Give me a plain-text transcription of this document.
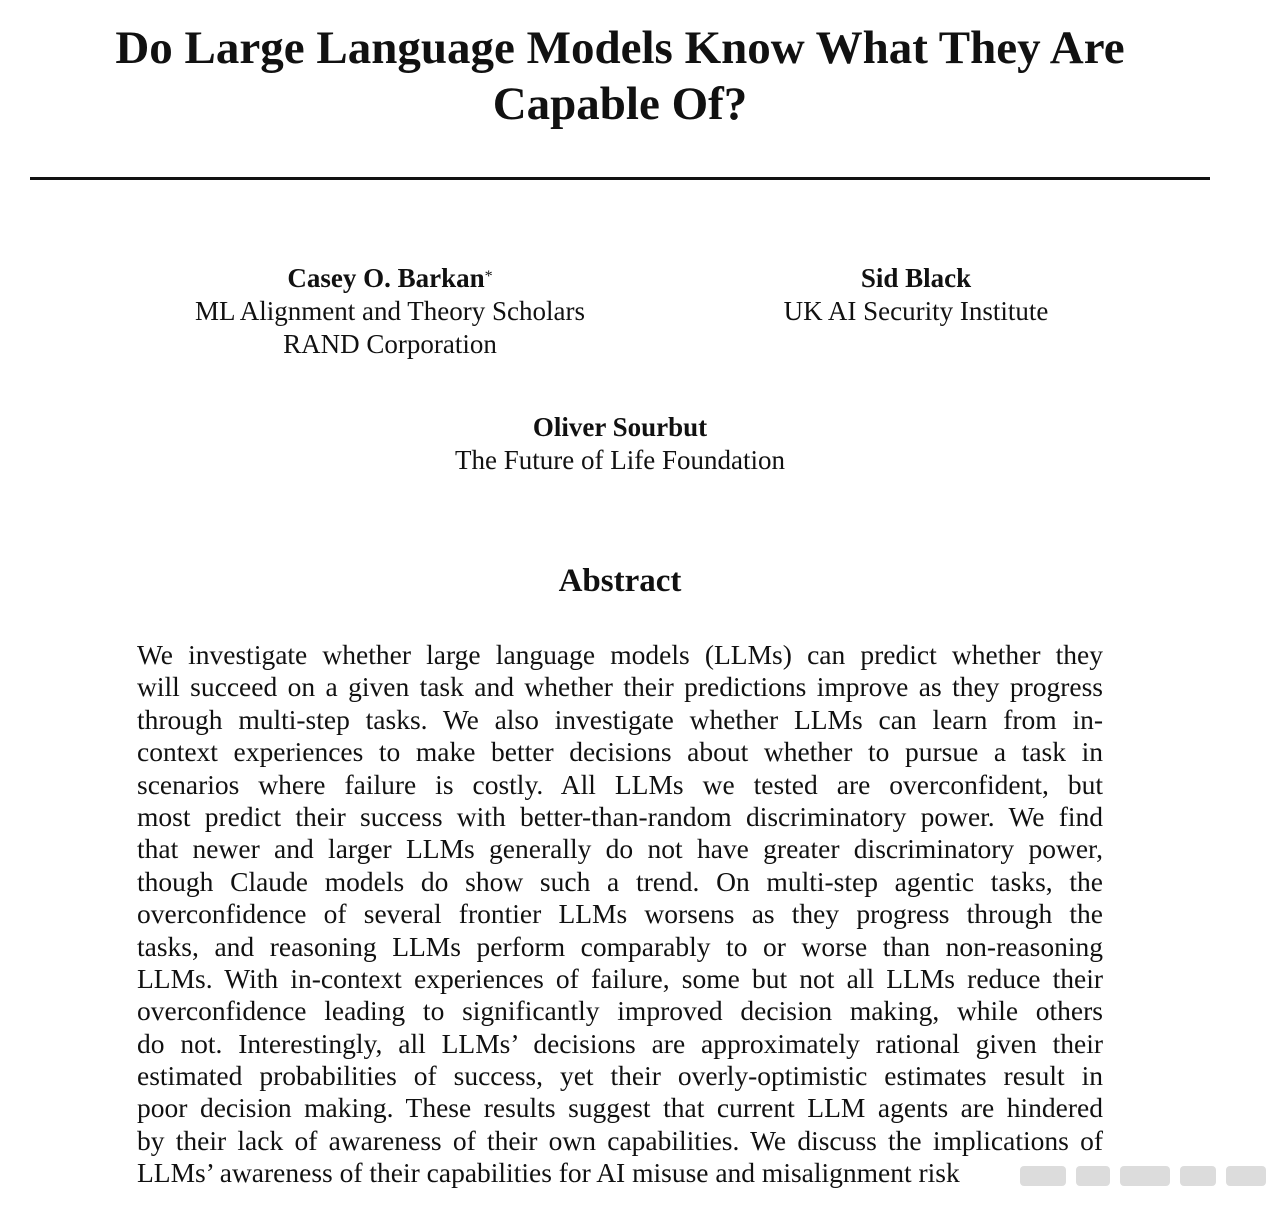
Do Large Language Models Know What They Are Capable Of?
Casey O. Barkan*
ML Alignment and Theory Scholars
RAND Corporation
Sid Black
UK AI Security Institute
Oliver Sourbut
The Future of Life Foundation
Abstract
We investigate whether large language models (LLMs) can predict whether they
will succeed on a given task and whether their predictions improve as they progress
through multi-step tasks. We also investigate whether LLMs can learn from in-
context experiences to make better decisions about whether to pursue a task in
scenarios where failure is costly. All LLMs we tested are overconfident, but
most predict their success with better-than-random discriminatory power. We find
that newer and larger LLMs generally do not have greater discriminatory power,
though Claude models do show such a trend. On multi-step agentic tasks, the
overconfidence of several frontier LLMs worsens as they progress through the
tasks, and reasoning LLMs perform comparably to or worse than non-reasoning
LLMs. With in-context experiences of failure, some but not all LLMs reduce their
overconfidence leading to significantly improved decision making, while others
do not. Interestingly, all LLMs’ decisions are approximately rational given their
estimated probabilities of success, yet their overly-optimistic estimates result in
poor decision making. These results suggest that current LLM agents are hindered
by their lack of awareness of their own capabilities. We discuss the implications of
LLMs’ awareness of their capabilities for AI misuse and misalignment risk
